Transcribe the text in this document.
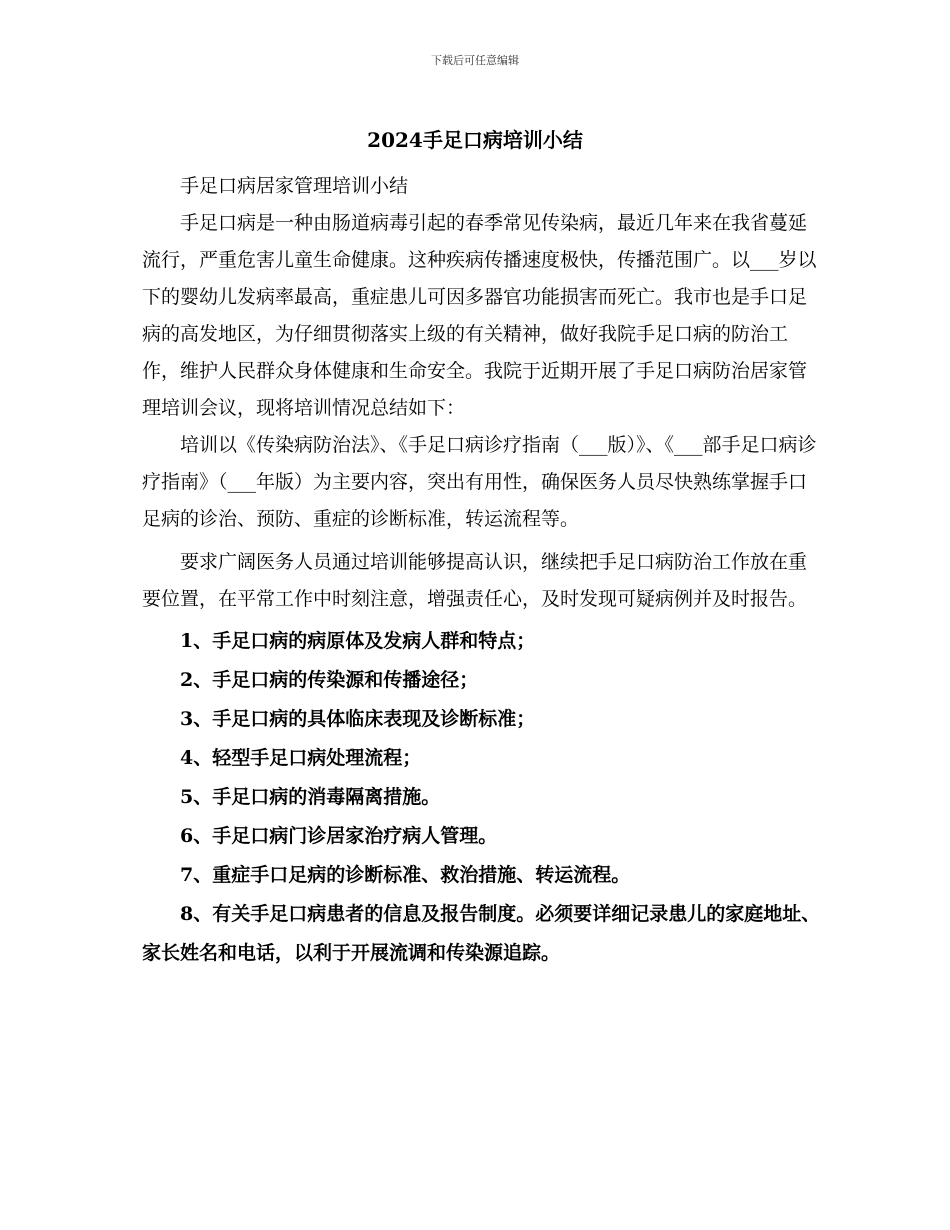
下载后可任意编辑
2024手足口病培训小结

手足口病居家管理培训小结

手足口病是一种由肠道病毒引起的春季常见传染病，最近几年来在我省蔓延流行，严重危害儿童生命健康。这种疾病传播速度极快，传播范围广。以___岁以下的婴幼儿发病率最高，重症患儿可因多器官功能损害而死亡。我市也是手口足病的高发地区，为仔细贯彻落实上级的有关精神，做好我院手足口病的防治工作，维护人民群众身体健康和生命安全。我院于近期开展了手足口病防治居家管理培训会议，现将培训情况总结如下：

培训以《传染病防治法》、《手足口病诊疗指南（___版）》、《___部手足口病诊疗指南》（___年版）为主要内容，突出有用性，确保医务人员尽快熟练掌握手口足病的诊治、预防、重症的诊断标准，转运流程等。

要求广阔医务人员通过培训能够提高认识，继续把手足口病防治工作放在重要位置，在平常工作中时刻注意，增强责任心，及时发现可疑病例并及时报告。

1、手足口病的病原体及发病人群和特点；
2、手足口病的传染源和传播途径；
3、手足口病的具体临床表现及诊断标准；
4、轻型手足口病处理流程；
5、手足口病的消毒隔离措施。
6、手足口病门诊居家治疗病人管理。
7、重症手口足病的诊断标准、救治措施、转运流程。
8、有关手足口病患者的信息及报告制度。必须要详细记录患儿的家庭地址、家长姓名和电话，以利于开展流调和传染源追踪。
